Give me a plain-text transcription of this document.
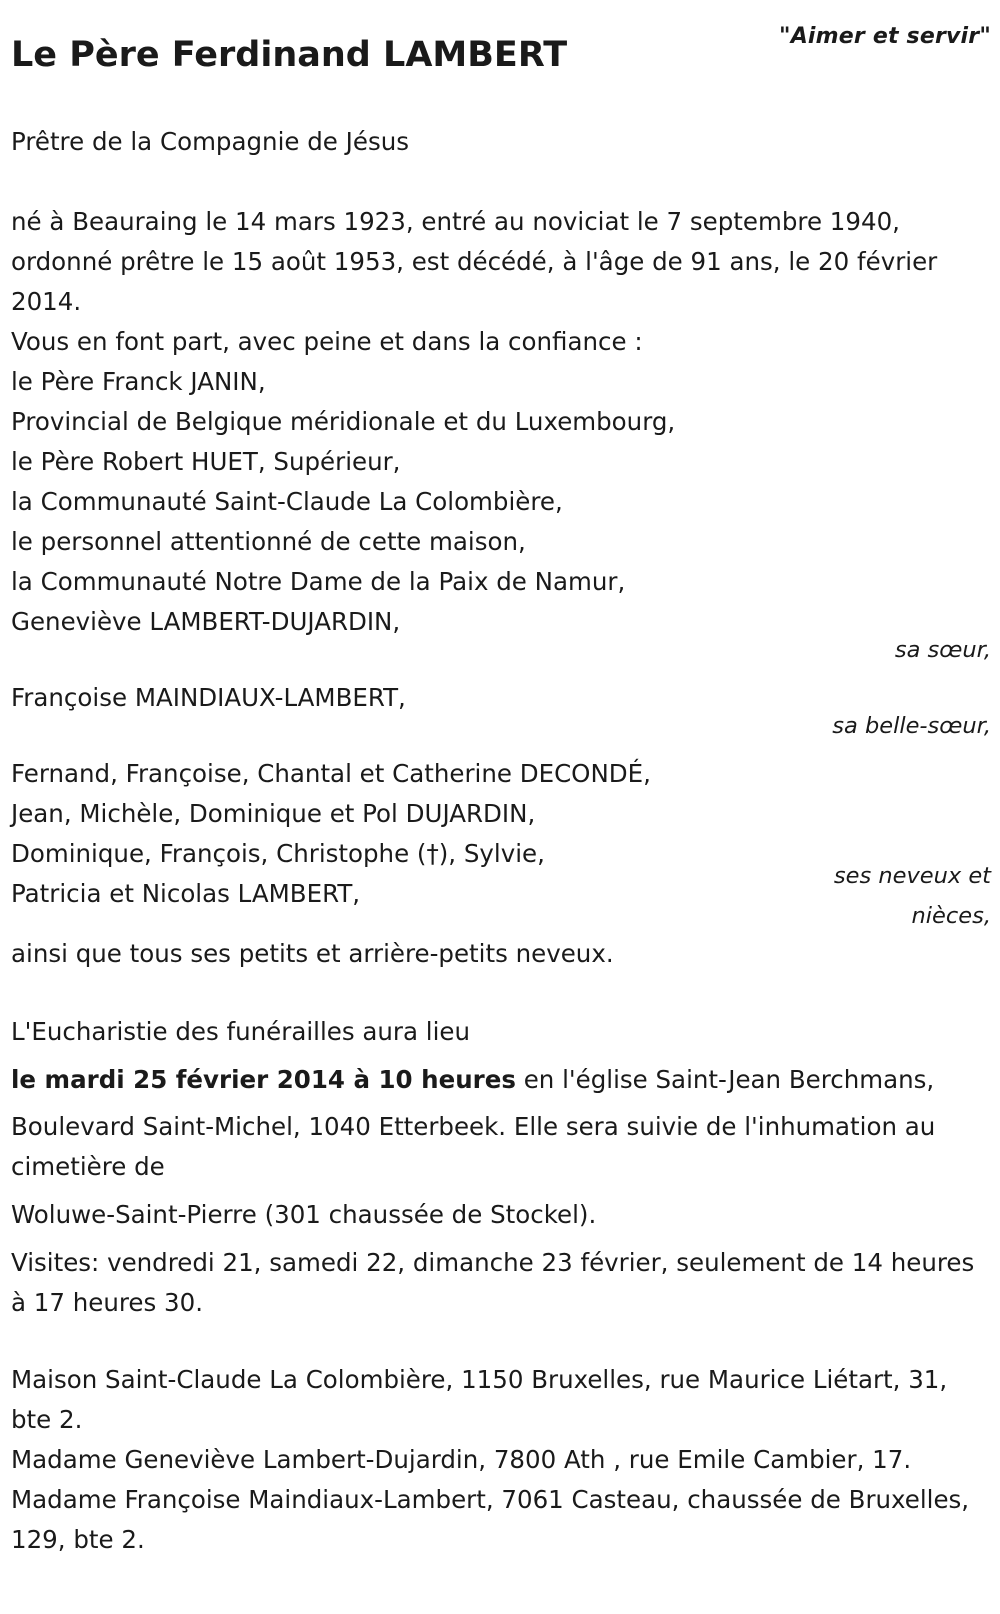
"Aimer et servir"
Le Père Ferdinand LAMBERT

Prêtre de la Compagnie de Jésus

né à Beauraing le 14 mars 1923, entré au noviciat le 7 septembre 1940, ordonné prêtre le 15 août 1953, est décédé, à l'âge de 91 ans, le 20 février 2014.

Vous en font part, avec peine et dans la confiance :
le Père Franck JANIN,
Provincial de Belgique méridionale et du Luxembourg,
le Père Robert HUET, Supérieur,
la Communauté Saint-Claude La Colombière,
le personnel attentionné de cette maison,
la Communauté Notre Dame de la Paix de Namur,
Geneviève LAMBERT-DUJARDIN,
sa sœur,
Françoise MAINDIAUX-LAMBERT,
sa belle-sœur,
Fernand, Françoise, Chantal et Catherine DECONDÉ,
Jean, Michèle, Dominique et Pol DUJARDIN,
Dominique, François, Christophe (†), Sylvie,
Patricia et Nicolas LAMBERT,
ses neveux et
nièces,

ainsi que tous ses petits et arrière-petits neveux.

L'Eucharistie des funérailles aura lieu

le mardi 25 février 2014 à 10 heures en l'église Saint-Jean Berchmans,

Boulevard Saint-Michel, 1040 Etterbeek. Elle sera suivie de l'inhumation au cimetière de

Woluwe-Saint-Pierre (301 chaussée de Stockel).

Visites: vendredi 21, samedi 22, dimanche 23 février, seulement de 14 heures à 17 heures 30.

Maison Saint-Claude La Colombière, 1150 Bruxelles, rue Maurice Liétart, 31, bte 2.
Madame Geneviève Lambert-Dujardin, 7800 Ath , rue Emile Cambier, 17.
Madame Françoise Maindiaux-Lambert, 7061 Casteau, chaussée de Bruxelles, 129, bte 2.
